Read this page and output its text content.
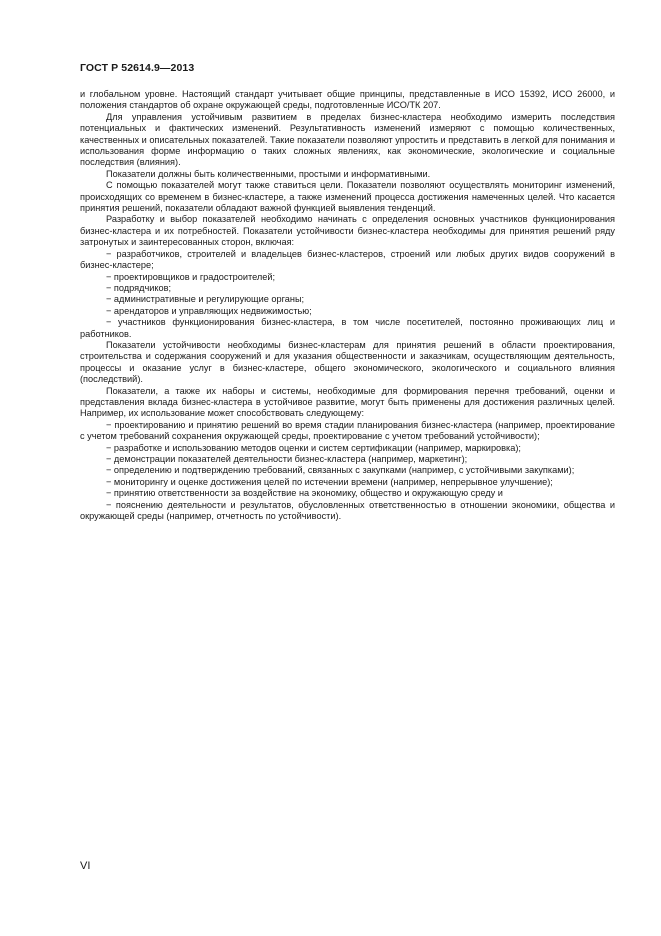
ГОСТ Р 52614.9—2013

и глобальном уровне. Настоящий стандарт учитывает общие принципы, представленные в ИСО 15392, ИСО 26000, и положения стандартов об охране окружающей среды, подготовленные ИСО/ТК 207.

Для управления устойчивым развитием в пределах бизнес-кластера необходимо измерить последствия потенциальных и фактических изменений. Результативность изменений измеряют с помощью количественных, качественных и описательных показателей. Такие показатели позволяют упростить и представить в легкой для понимания и использования форме информацию о таких сложных явлениях, как экономические, экологические и социальные последствия (влияния).

Показатели должны быть количественными, простыми и информативными.

С помощью показателей могут также ставиться цели. Показатели позволяют осуществлять мониторинг изменений, происходящих со временем в бизнес-кластере, а также изменений процесса достижения намеченных целей. Что касается принятия решений, показатели обладают важной функцией выявления тенденций.

Разработку и выбор показателей необходимо начинать с определения основных участников функционирования бизнес-кластера и их потребностей. Показатели устойчивости бизнес-кластера необходимы для принятия решений ряду затронутых и заинтересованных сторон, включая:

− разработчиков, строителей и владельцев бизнес-кластеров, строений или любых других видов сооружений в бизнес-кластере;

− проектировщиков и градостроителей;

− подрядчиков;

− административные и регулирующие органы;

− арендаторов и управляющих недвижимостью;

− участников функционирования бизнес-кластера, в том числе посетителей, постоянно проживающих лиц и работников.

Показатели устойчивости необходимы бизнес-кластерам для принятия решений в области проектирования, строительства и содержания сооружений и для указания общественности и заказчикам, осуществляющим деятельность, процессы и оказание услуг в бизнес-кластере, общего экономического, экологического и социального влияния (последствий).

Показатели, а также их наборы и системы, необходимые для формирования перечня требований, оценки и представления вклада бизнес-кластера в устойчивое развитие, могут быть применены для достижения различных целей. Например, их использование может способствовать следующему:

− проектированию и принятию решений во время стадии планирования бизнес-кластера (например, проектирование с учетом требований сохранения окружающей среды, проектирование с учетом требований устойчивости);

− разработке и использованию методов оценки и систем сертификации (например, маркировка);

− демонстрации показателей деятельности бизнес-кластера (например, маркетинг);

− определению и подтверждению требований, связанных с закупками (например, с устойчивыми закупками);

− мониторингу и оценке достижения целей по истечении времени (например, непрерывное улучшение);

− принятию ответственности за воздействие на экономику, общество и окружающую среду и

− пояснению деятельности и результатов, обусловленных ответственностью в отношении экономики, общества и окружающей среды (например, отчетность по устойчивости).

VI
